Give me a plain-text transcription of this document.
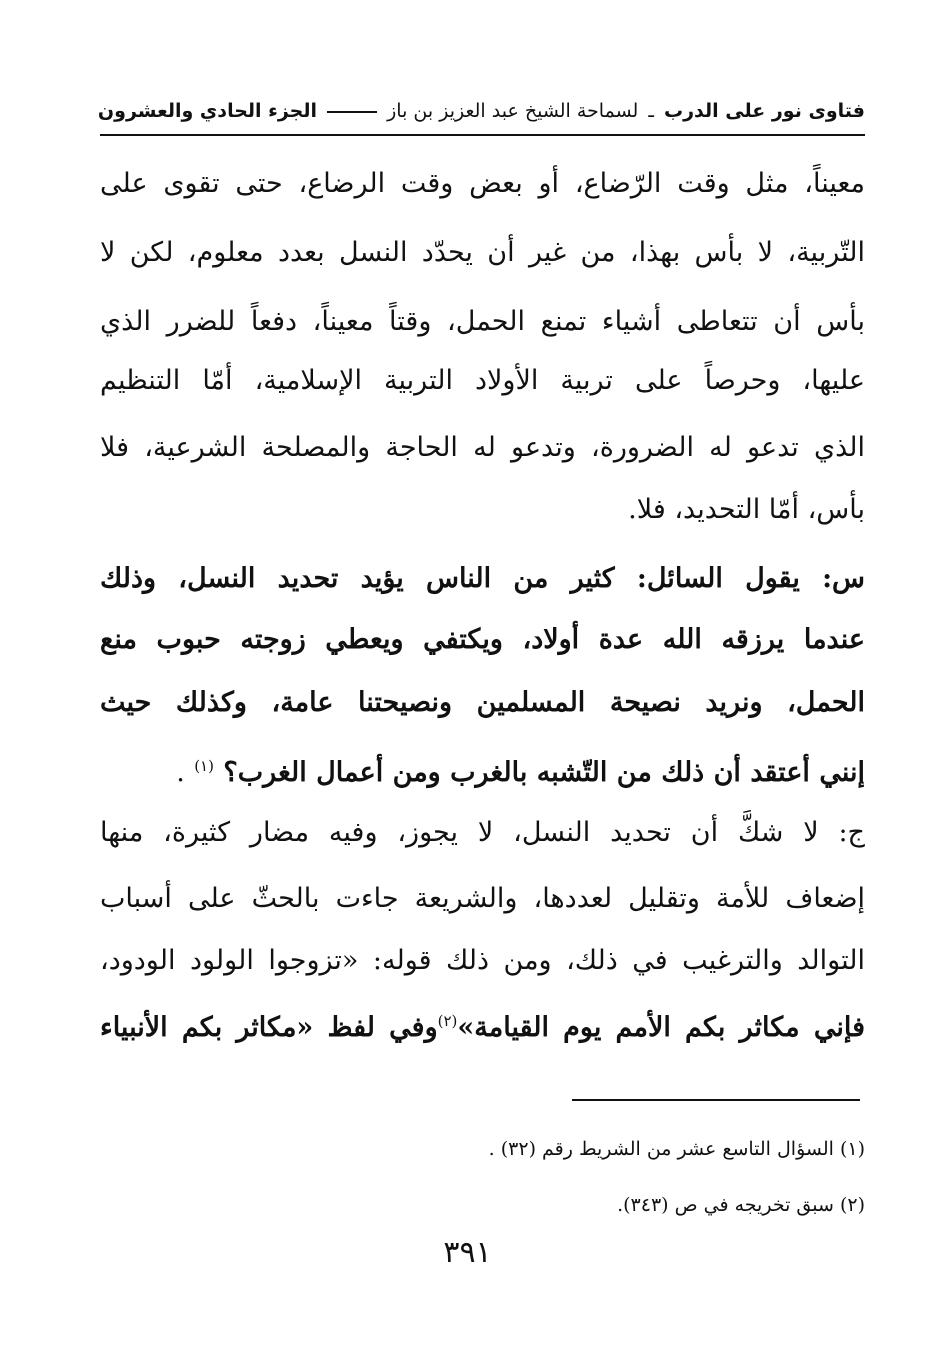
فتاوى نور على الدرب ـ لسماحة الشيخ عبد العزيز بن باز  الجزء الحادي والعشرون
معيناً، مثل وقت الرّضاع، أو بعض وقت الرضاع، حتى تقوى على
التّربية، لا بأس بهذا، من غير أن يحدّد النسل بعدد معلوم، لكن لا
بأس أن تتعاطى أشياء تمنع الحمل، وقتاً معيناً، دفعاً للضرر الذي
عليها، وحرصاً على تربية الأولاد التربية الإسلامية، أمّا التنظيم
الذي تدعو له الضرورة، وتدعو له الحاجة والمصلحة الشرعية، فلا
بأس، أمّا التحديد، فلا.
س: يقول السائل: كثير من الناس يؤيد تحديد النسل، وذلك
عندما يرزقه الله عدة أولاد، ويكتفي ويعطي زوجته حبوب منع
الحمل، ونريد نصيحة المسلمين ونصيحتنا عامة، وكذلك حيث
إنني أعتقد أن ذلك من التّشبه بالغرب ومن أعمال الغرب؟ $^{(١)}$ .
ج: لا شكَّ أن تحديد النسل، لا يجوز، وفيه مضار كثيرة، منها
إضعاف للأمة وتقليل لعددها، والشريعة جاءت بالحثّ على أسباب
التوالد والترغيب في ذلك، ومن ذلك قوله: «تزوجوا الولود الودود،
فإني مكاثر بكم الأمم يوم القيامة»$^{(٢)}$وفي لفظ «مكاثر بكم الأنبياء
(١) السؤال التاسع عشر من الشريط رقم (٣٢) .
(٢) سبق تخريجه في ص (٣٤٣).
٣٩١
